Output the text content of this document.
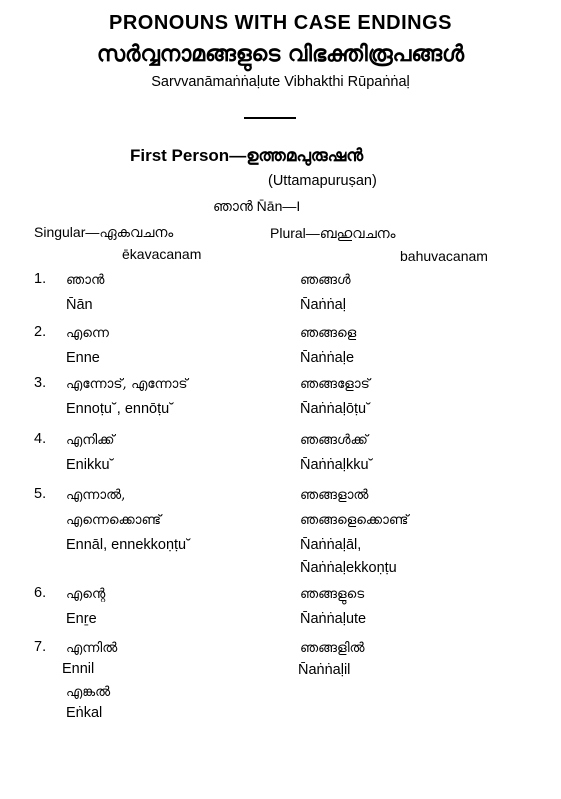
PRONOUNS WITH CASE ENDINGS
സർവ്വനാമങ്ങളുടെ വിഭക്തിരൂപങ്ങൾ
Sarvvanāmaṅṅaḷute Vibhakthi Rūpaṅṅaḷ
First Person—ഉത്തമപുരുഷൻ
(Uttamapuruṣan)
ഞാൻ N̄ān—I
Singular—ഏകവചനം	Plural—ബഹുവചനം
ēkavacanam	bahuvacanam
1. ഞാൻ
N̄ān
ഞങ്ങൾ
N̄aṅṅaḷ
2. എന്നെ
Enne
ഞങ്ങളെ
N̄aṅṅaḷe
3. എന്നോട്, എന്നോട്
Ennoṭu˘, ennōṭu˘
ഞങ്ങളോട്
N̄aṅṅaḷōṭu˘
4. എനിക്ക്
Enikku˘
ഞങ്ങൾക്ക്
N̄aṅṅaḷkku˘
5. എന്നാൽ,
എന്നെക്കൊണ്ട്
Ennāl, ennekkoṇṭu˘
ഞങ്ങളാൽ
ഞങ്ങളെക്കൊണ്ട്
N̄aṅṅaḷāl,
N̄aṅṅaḷekkoṇṭu
6. എന്റെ
Enṟe
ഞങ്ങളുടെ
N̄aṅṅaḷute
7. എന്നിൽ
Ennil
എങ്കൽ
Eṅkal
ഞങ്ങളിൽ
N̄aṅṅaḷil
